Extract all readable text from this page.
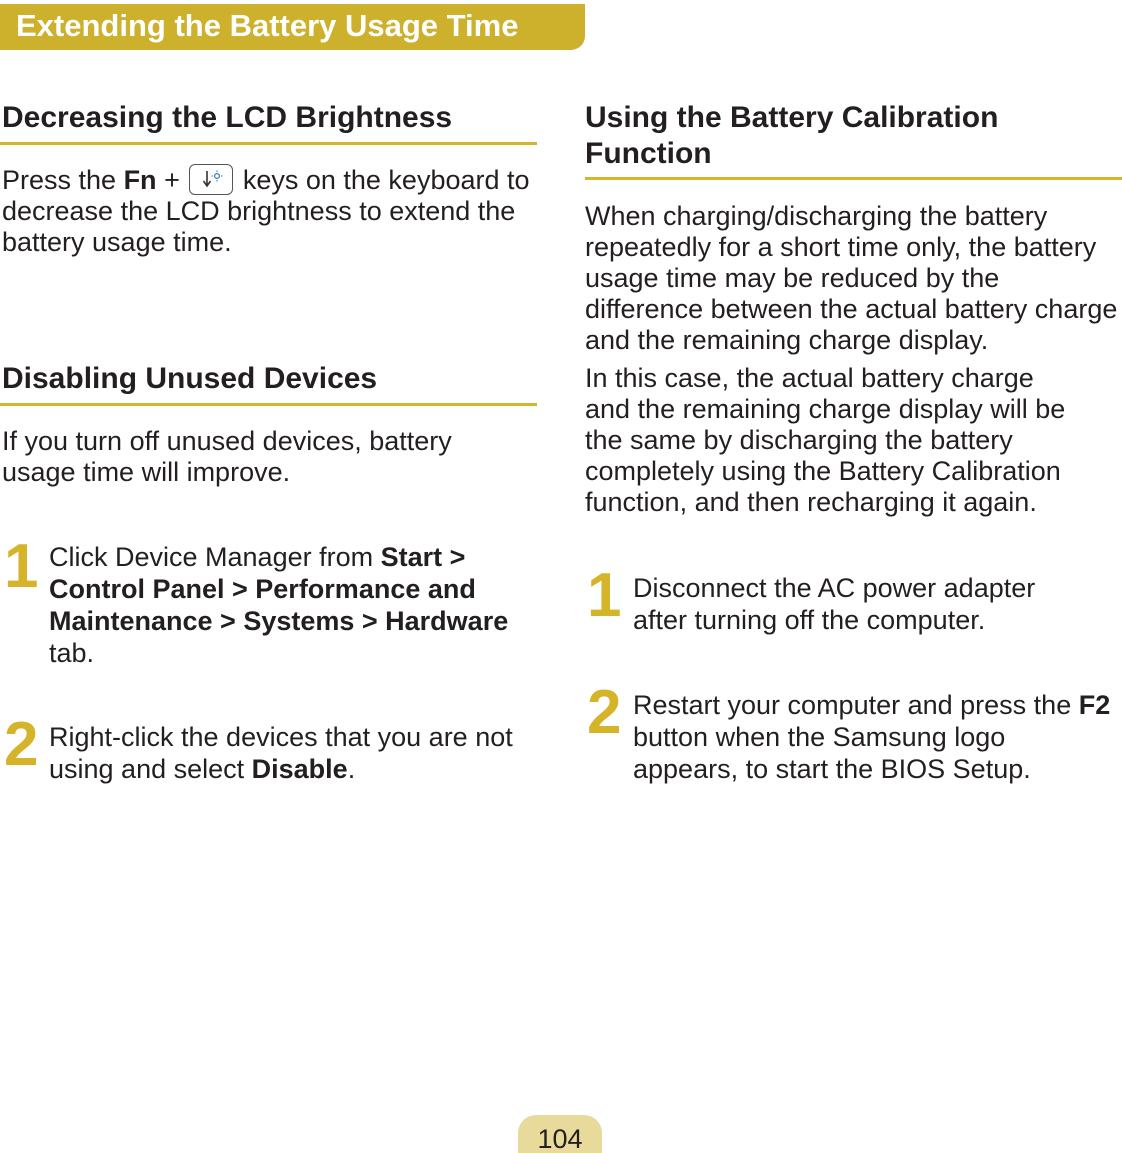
Extending the Battery Usage Time
Decreasing the LCD Brightness
Press the Fn +
keys on the keyboard to decrease the LCD brightness to extend the battery usage time.
Disabling Unused Devices
If you turn off unused devices, battery usage time will improve.
1 Click Device Manager from Start > Control Panel > Performance and Maintenance > Systems > Hardware tab.
2 Right-click the devices that you are not using and select Disable.
Using the Battery Calibration
Function
When charging/discharging the battery repeatedly for a short time only, the battery usage time may be reduced by the difference between the actual battery charge and the remaining charge display.
In this case, the actual battery charge and the remaining charge display will be the same by discharging the battery completely using the Battery Calibration function, and then recharging it again.
1 Disconnect the AC power adapter after turning off the computer.
2 Restart your computer and press the F2 button when the Samsung logo appears, to start the BIOS Setup.
104
